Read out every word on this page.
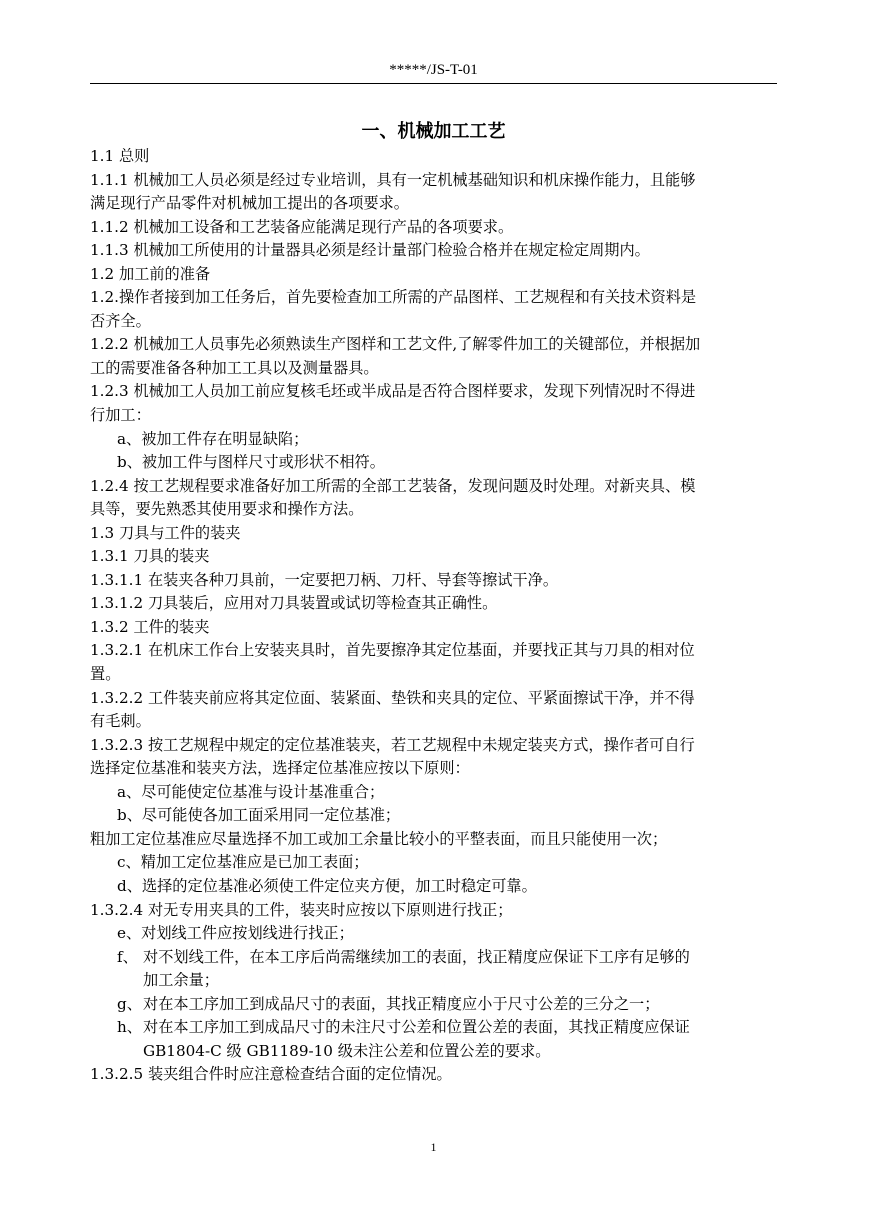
*****/JS-T-01
一、机械加工工艺

1.1 总则

1.1.1 机械加工人员必须是经过专业培训，具有一定机械基础知识和机床操作能力，且能够

满足现行产品零件对机械加工提出的各项要求。

1.1.2 机械加工设备和工艺装备应能满足现行产品的各项要求。

1.1.3 机械加工所使用的计量器具必须是经计量部门检验合格并在规定检定周期内。

1.2 加工前的准备

1.2.操作者接到加工任务后，首先要检查加工所需的产品图样、工艺规程和有关技术资料是

否齐全。

1.2.2 机械加工人员事先必须熟读生产图样和工艺文件,了解零件加工的关键部位，并根据加

工的需要准备各种加工工具以及测量器具。

1.2.3 机械加工人员加工前应复核毛坯或半成品是否符合图样要求，发现下列情况时不得进

行加工：

a、被加工件存在明显缺陷；

b、被加工件与图样尺寸或形状不相符。

1.2.4 按工艺规程要求准备好加工所需的全部工艺装备，发现问题及时处理。对新夹具、模

具等，要先熟悉其使用要求和操作方法。

1.3 刀具与工件的装夹

1.3.1 刀具的装夹

1.3.1.1 在装夹各种刀具前，一定要把刀柄、刀杆、导套等擦试干净。

1.3.1.2 刀具装后，应用对刀具装置或试切等检查其正确性。

1.3.2 工件的装夹

1.3.2.1 在机床工作台上安装夹具时，首先要擦净其定位基面，并要找正其与刀具的相对位

置。

1.3.2.2 工件装夹前应将其定位面、装紧面、垫铁和夹具的定位、平紧面擦试干净，并不得

有毛刺。

1.3.2.3 按工艺规程中规定的定位基准装夹，若工艺规程中未规定装夹方式，操作者可自行

选择定位基准和装夹方法，选择定位基准应按以下原则：

a、尽可能使定位基准与设计基准重合；

b、尽可能使各加工面采用同一定位基准；

粗加工定位基准应尽量选择不加工或加工余量比较小的平整表面，而且只能使用一次；

c、精加工定位基准应是已加工表面；

d、选择的定位基准必须使工件定位夹方便，加工时稳定可靠。

1.3.2.4 对无专用夹具的工件，装夹时应按以下原则进行找正；

e、对划线工件应按划线进行找正；

f、 对不划线工件，在本工序后尚需继续加工的表面，找正精度应保证下工序有足够的
加工余量；
g、 对在本工序加工到成品尺寸的表面，其找正精度应小于尺寸公差的三分之一；
h、 对在本工序加工到成品尺寸的未注尺寸公差和位置公差的表面，其找正精度应保证
GB1804-C 级 GB1189-10 级未注公差和位置公差的要求。

1.3.2.5 装夹组合件时应注意检查结合面的定位情况。

1
